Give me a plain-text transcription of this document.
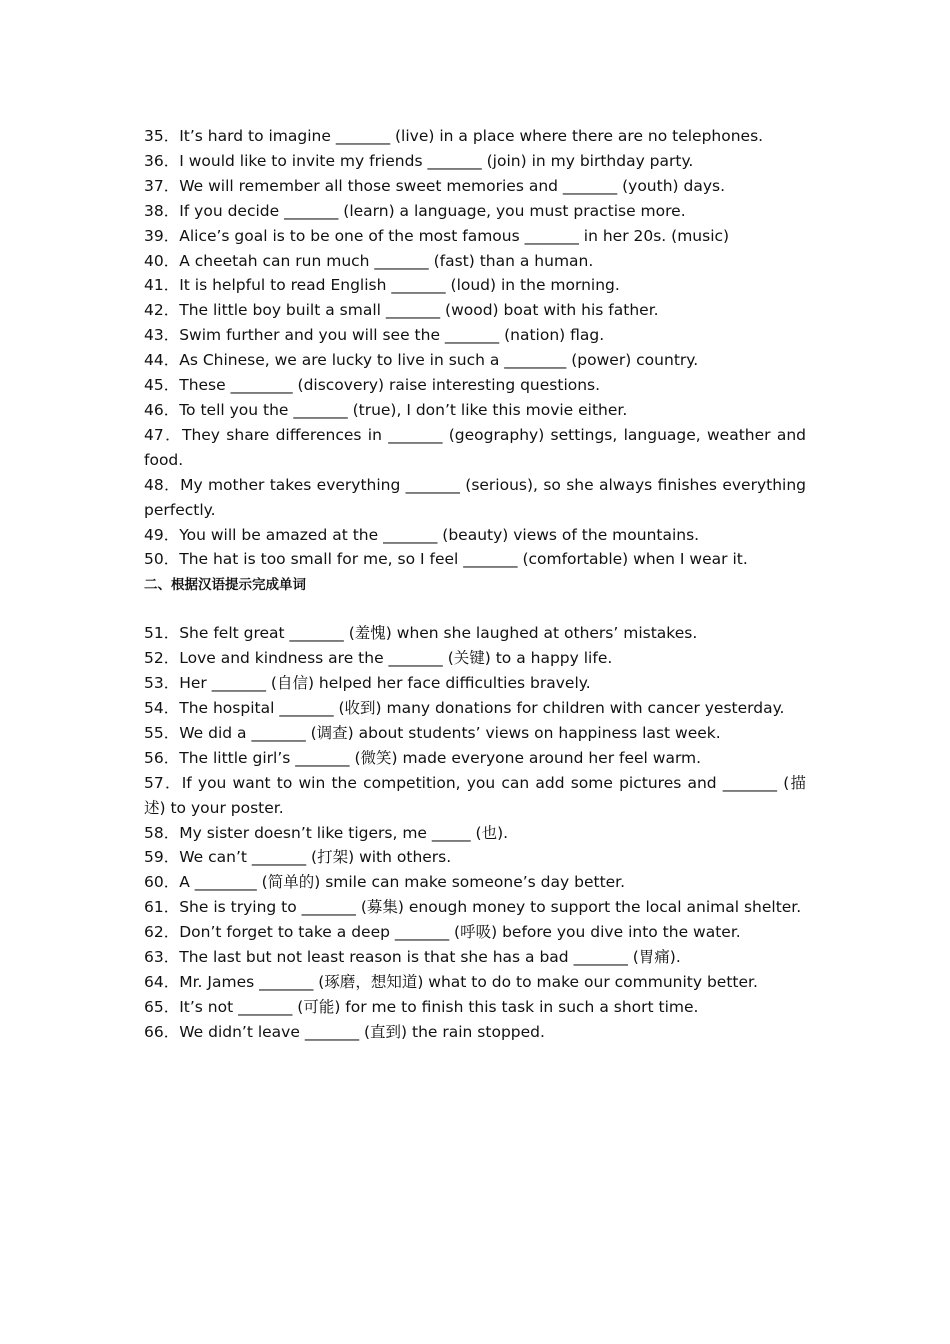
35．It’s hard to imagine _______ (live) in a place where there are no telephones.

36．I would like to invite my friends _______ (join) in my birthday party.

37．We will remember all those sweet memories and _______ (youth) days.

38．If you decide _______ (learn) a language, you must practise more.

39．Alice’s goal is to be one of the most famous _______ in her 20s. (music)

40．A cheetah can run much _______ (fast) than a human.

41．It is helpful to read English _______ (loud) in the morning.

42．The little boy built a small _______ (wood) boat with his father.

43．Swim further and you will see the _______ (nation) flag.

44．As Chinese, we are lucky to live in such a ________ (power) country.

45．These ________ (discovery) raise interesting questions.

46．To tell you the _______ (true), I don’t like this movie either.

47．They share differences in _______ (geography) settings, language, weather and food.

48．My mother takes everything _______ (serious), so she always finishes everything perfectly.

49．You will be amazed at the _______ (beauty) views of the mountains.

50．The hat is too small for me, so I feel _______ (comfortable) when I wear it.

二、根据汉语提示完成单词

51．She felt great _______ (羞愧) when she laughed at others’ mistakes.

52．Love and kindness are the _______ (关键) to a happy life.

53．Her _______ (自信) helped her face difficulties bravely.

54．The hospital _______ (收到) many donations for children with cancer yesterday.

55．We did a _______ (调查) about students’ views on happiness last week.

56．The little girl’s _______ (微笑) made everyone around her feel warm.

57．If you want to win the competition, you can add some pictures and _______ (描述) to your poster.

58．My sister doesn’t like tigers, me _____ (也).

59．We can’t _______ (打架) with others.

60．A ________ (简单的) smile can make someone’s day better.

61．She is trying to _______ (募集) enough money to support the local animal shelter.

62．Don’t forget to take a deep _______ (呼吸) before you dive into the water.

63．The last but not least reason is that she has a bad _______ (胃痛).

64．Mr. James _______ (琢磨，想知道) what to do to make our community better.

65．It’s not _______ (可能) for me to finish this task in such a short time.

66．We didn’t leave _______ (直到) the rain stopped.
